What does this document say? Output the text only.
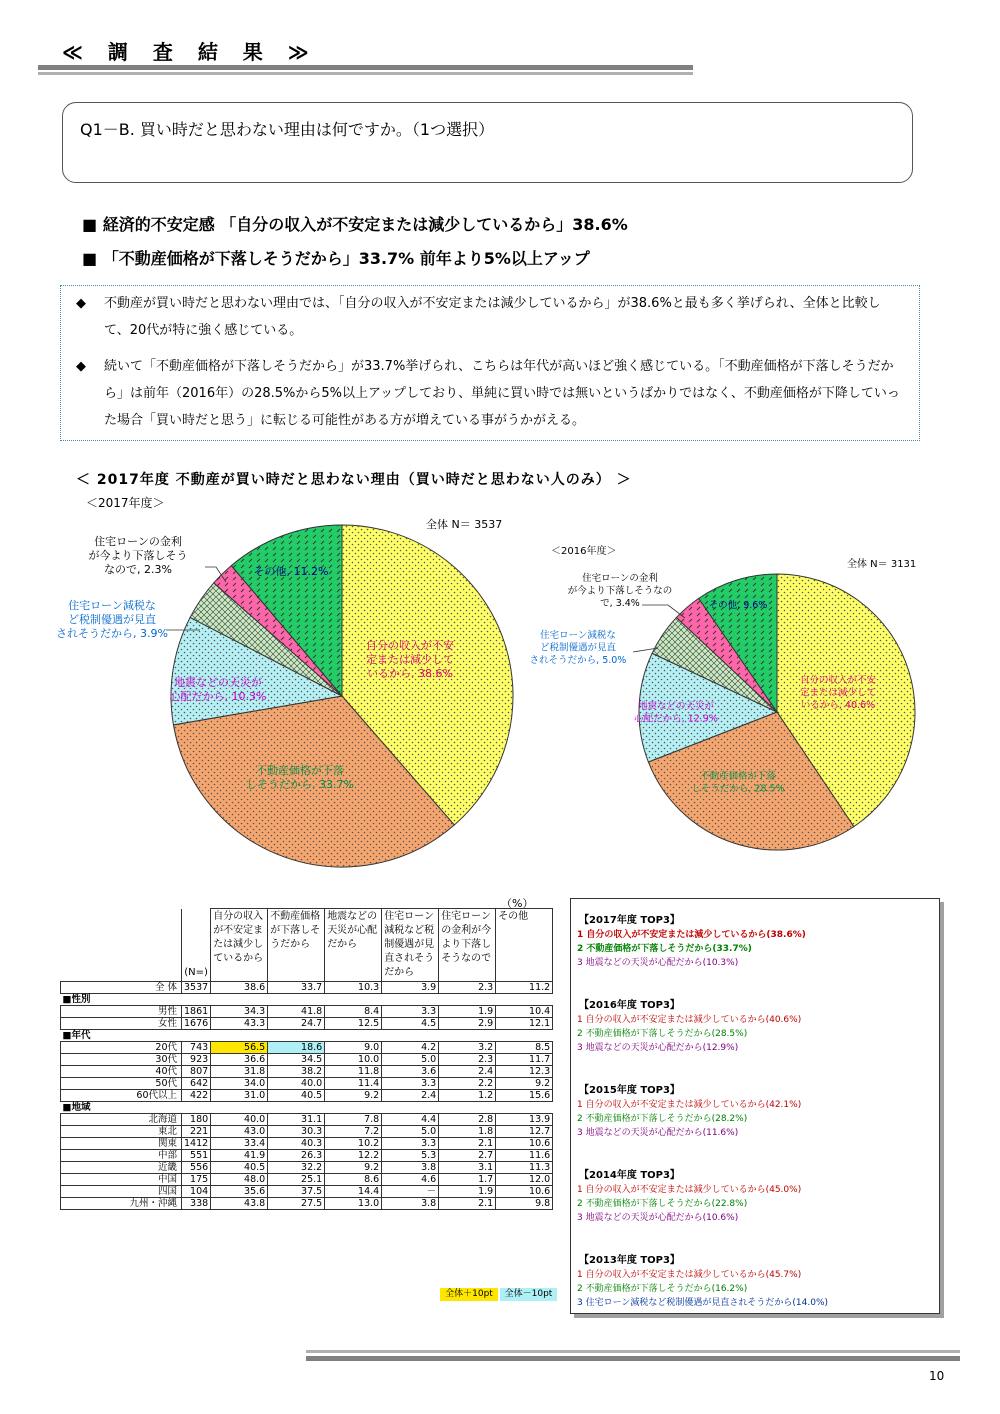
≪ 調 査 結 果 ≫
Q1－B. 買い時だと思わない理由は何ですか。（1つ選択）
■ 経済的不安定感 「自分の収入が不安定または減少しているから」38.6%
■ 「不動産価格が下落しそうだから」33.7% 前年より5%以上アップ
◆	不動産が買い時だと思わない理由では、「自分の収入が不安定または減少しているから」が38.6%と最も多く挙げられ、全体と比較して、20代が特に強く感じている。
◆	続いて「不動産価格が下落しそうだから」が33.7%挙げられ、こちらは年代が高いほど強く感じている。「不動産価格が下落しそうだから」は前年（2016年）の28.5%から5%以上アップしており、単純に買い時では無いというばかりではなく、不動産価格が下降していった場合「買い時だと思う」に転じる可能性がある方が増えている事がうかがえる。
＜ 2017年度 不動産が買い時だと思わない理由（買い時だと思わない人のみ） ＞
＜2017年度＞
全体 N＝ 3537
＜2016年度＞
全体 N＝ 3131
自分の収入が不安定または減少しているから, 38.6%
不動産価格が下落しそうだから, 33.7%
地震などの天災が心配だから, 10.3%
住宅ローン減税など税制優遇が見直されそうだから, 3.9%
住宅ローンの金利が今より下落しそうなので, 2.3%	その他, 11.2%
自分の収入が不安定または減少しているから, 40.6%
不動産価格が下落しそうだから, 28.5%
地震などの天災が心配だから, 12.9%
住宅ローン減税など税制優遇が見直されそうだから, 5.0%
住宅ローンの金利が今より下落しそうなので, 3.4%	その他, 9.6%
（%）
	(N=)	自分の収入が不安定または減少しているから	不動産価格が下落しそうだから	地震などの天災が心配だから	住宅ローン減税など税制優遇が見直されそうだから	住宅ローンの金利が今より下落しそうなので	その他
全 体	3537	38.6	33.7	10.3	3.9	2.3	11.2
■性別							
男性	1861	34.3	41.8	8.4	3.3	1.9	10.4
女性	1676	43.3	24.7	12.5	4.5	2.9	12.1
■年代							
20代	743	56.5	18.6	9.0	4.2	3.2	8.5
30代	923	36.6	34.5	10.0	5.0	2.3	11.7
40代	807	31.8	38.2	11.8	3.6	2.4	12.3
50代	642	34.0	40.0	11.4	3.3	2.2	9.2
60代以上	422	31.0	40.5	9.2	2.4	1.2	15.6
■地域							
北海道	180	40.0	31.1	7.8	4.4	2.8	13.9
東北	221	43.0	30.3	7.2	5.0	1.8	12.7
関東	1412	33.4	40.3	10.2	3.3	2.1	10.6
中部	551	41.9	26.3	12.2	5.3	2.7	11.6
近畿	556	40.5	32.2	9.2	3.8	3.1	11.3
中国	175	48.0	25.1	8.6	4.6	1.7	12.0
四国	104	35.6	37.5	14.4	－	1.9	10.6
九州・沖縄	338	43.8	27.5	13.0	3.8	2.1	9.8
全体＋10pt	全体－10pt
【2017年度 TOP3】
1 自分の収入が不安定または減少しているから(38.6%)
2 不動産価格が下落しそうだから(33.7%)
3 地震などの天災が心配だから(10.3%)
【2016年度 TOP3】
1 自分の収入が不安定または減少しているから(40.6%)
2 不動産価格が下落しそうだから(28.5%)
3 地震などの天災が心配だから(12.9%)
【2015年度 TOP3】
1 自分の収入が不安定または減少しているから(42.1%)
2 不動産価格が下落しそうだから(28.2%)
3 地震などの天災が心配だから(11.6%)
【2014年度 TOP3】
1 自分の収入が不安定または減少しているから(45.0%)
2 不動産価格が下落しそうだから(22.8%)
3 地震などの天災が心配だから(10.6%)
【2013年度 TOP3】
1 自分の収入が不安定または減少しているから(45.7%)
2 不動産価格が下落しそうだから(16.2%)
3 住宅ローン減税など税制優遇が見直されそうだから(14.0%)
10
